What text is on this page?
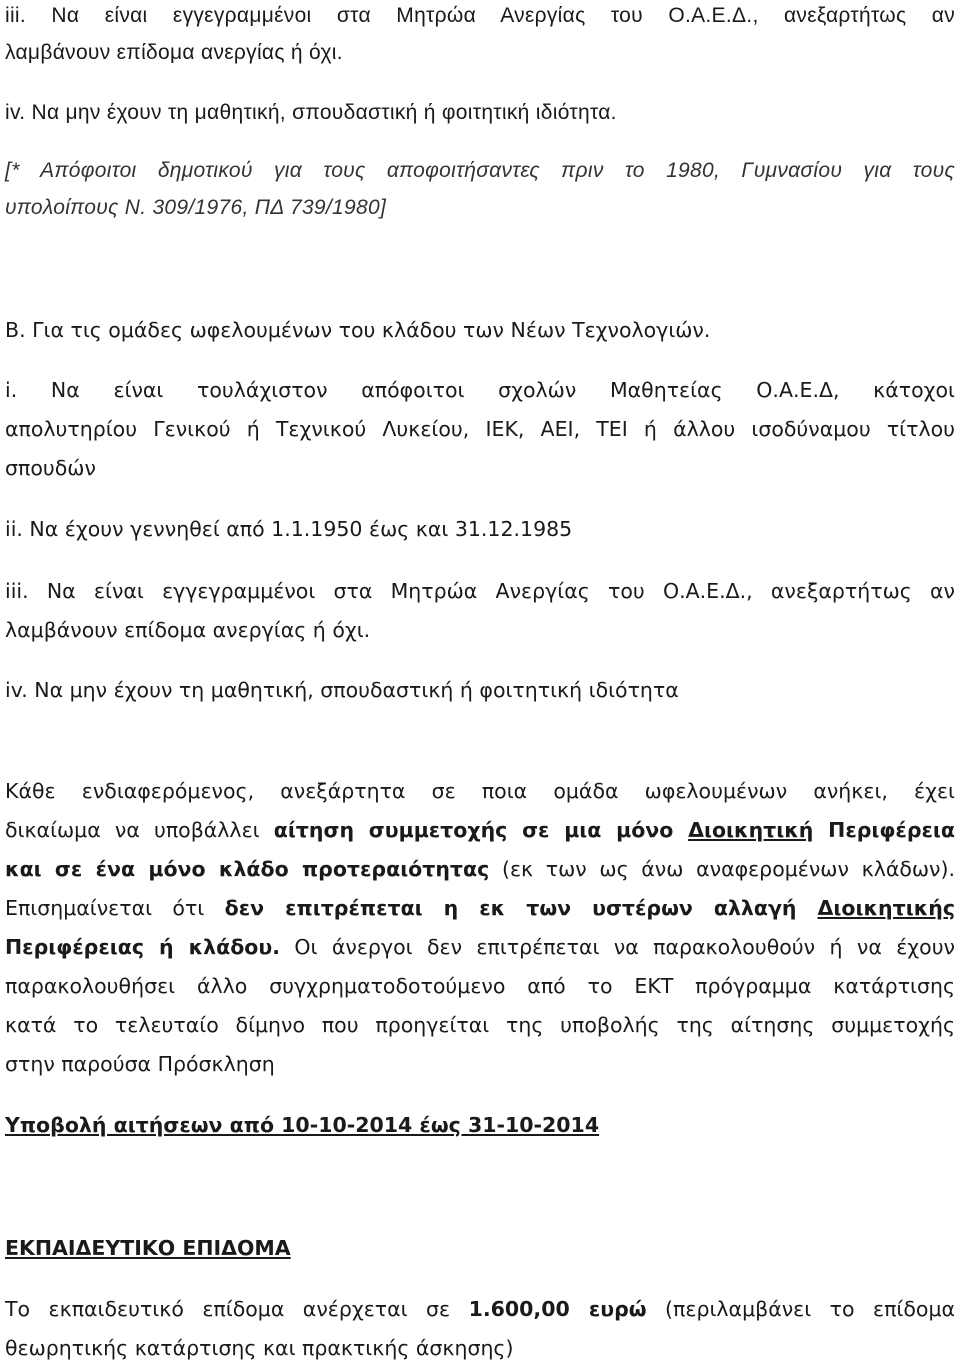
iii. Να είναι εγγεγραμμένοι στα Μητρώα Ανεργίας του Ο.Α.Ε.Δ., ανεξαρτήτως αν

λαμβάνουν επίδομα ανεργίας ή όχι.

iv. Να μην έχουν τη μαθητική, σπουδαστική ή φοιτητική ιδιότητα.

[* Απόφοιτοι δημοτικού για τους αποφοιτήσαντες πριν το 1980, Γυμνασίου για τους

υπολοίπους Ν. 309/1976, ΠΔ 739/1980]

Β. Για τις ομάδες ωφελουμένων του κλάδου των Νέων Τεχνολογιών.

i. Να είναι τουλάχιστον απόφοιτοι σχολών Μαθητείας Ο.Α.Ε.Δ, κάτοχοι

απολυτηρίου Γενικού ή Τεχνικού Λυκείου, ΙΕΚ, ΑΕΙ, ΤΕΙ ή άλλου ισοδύναμου τίτλου

σπουδών

ii. Να έχουν γεννηθεί από 1.1.1950 έως και 31.12.1985

iii. Να είναι εγγεγραμμένοι στα Μητρώα Ανεργίας του Ο.Α.Ε.Δ., ανεξαρτήτως αν

λαμβάνουν επίδομα ανεργίας ή όχι.

iv. Να μην έχουν τη μαθητική, σπουδαστική ή φοιτητική ιδιότητα

Κάθε ενδιαφερόμενος, ανεξάρτητα σε ποια ομάδα ωφελουμένων ανήκει, έχει

δικαίωμα να υποβάλλει αίτηση συμμετοχής σε μια μόνο Διοικητική Περιφέρεια

και σε ένα μόνο κλάδο προτεραιότητας (εκ των ως άνω αναφερομένων κλάδων).

Επισημαίνεται ότι δεν επιτρέπεται η εκ των υστέρων αλλαγή Διοικητικής

Περιφέρειας ή κλάδου. Οι άνεργοι δεν επιτρέπεται να παρακολουθούν ή να έχουν

παρακολουθήσει άλλο συγχρηματοδοτούμενο από το ΕΚΤ πρόγραμμα κατάρτισης

κατά το τελευταίο δίμηνο που προηγείται της υποβολής της αίτησης συμμετοχής

στην παρούσα Πρόσκληση

Υποβολή αιτήσεων από 10-10-2014 έως 31-10-2014

ΕΚΠΑΙΔΕΥΤΙΚΟ ΕΠΙΔΟΜΑ

Το εκπαιδευτικό επίδομα ανέρχεται σε 1.600,00 ευρώ (περιλαμβάνει το επίδομα

θεωρητικής κατάρτισης και πρακτικής άσκησης)
